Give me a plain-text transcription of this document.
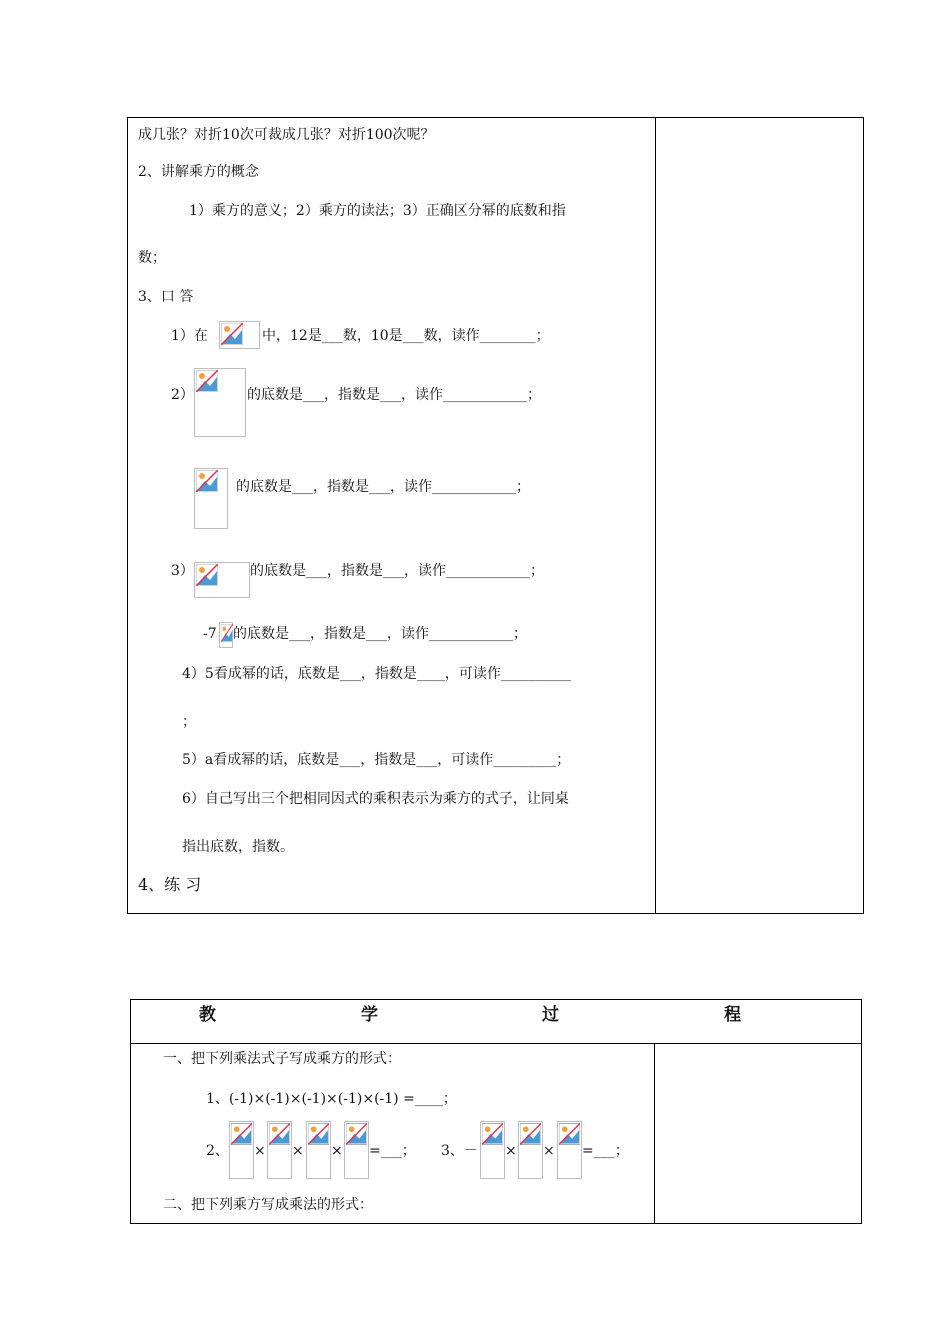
成几张？对折10次可裁成几张？对折100次呢？
2、讲解乘方的概念
1）乘方的意义；2）乘方的读法；3）正确区分幂的底数和指
数；
3、口 答
1）在	中，12是___数，10是___数，读作________；
2）	的底数是___，指数是___，读作____________；
的底数是___，指数是___，读作____________；
3）	的底数是___，指数是___，读作____________；
-7 的底数是___，指数是___，读作____________；
4）5看成幂的话，底数是___，指数是____，可读作__________
；
5）a看成幂的话，底数是___，指数是___，可读作_________；
6）自己写出三个把相同因式的乘积表示为乘方的式子，让同桌
指出底数，指数。
4、练 习
教	学	过	程
一、把下列乘法式子写成乘方的形式：
1、(-1)×(-1)×(-1)×(-1)×(-1) =____；
2、 × × × =___； 3、－ × × =___；
二、把下列乘方写成乘法的形式：
